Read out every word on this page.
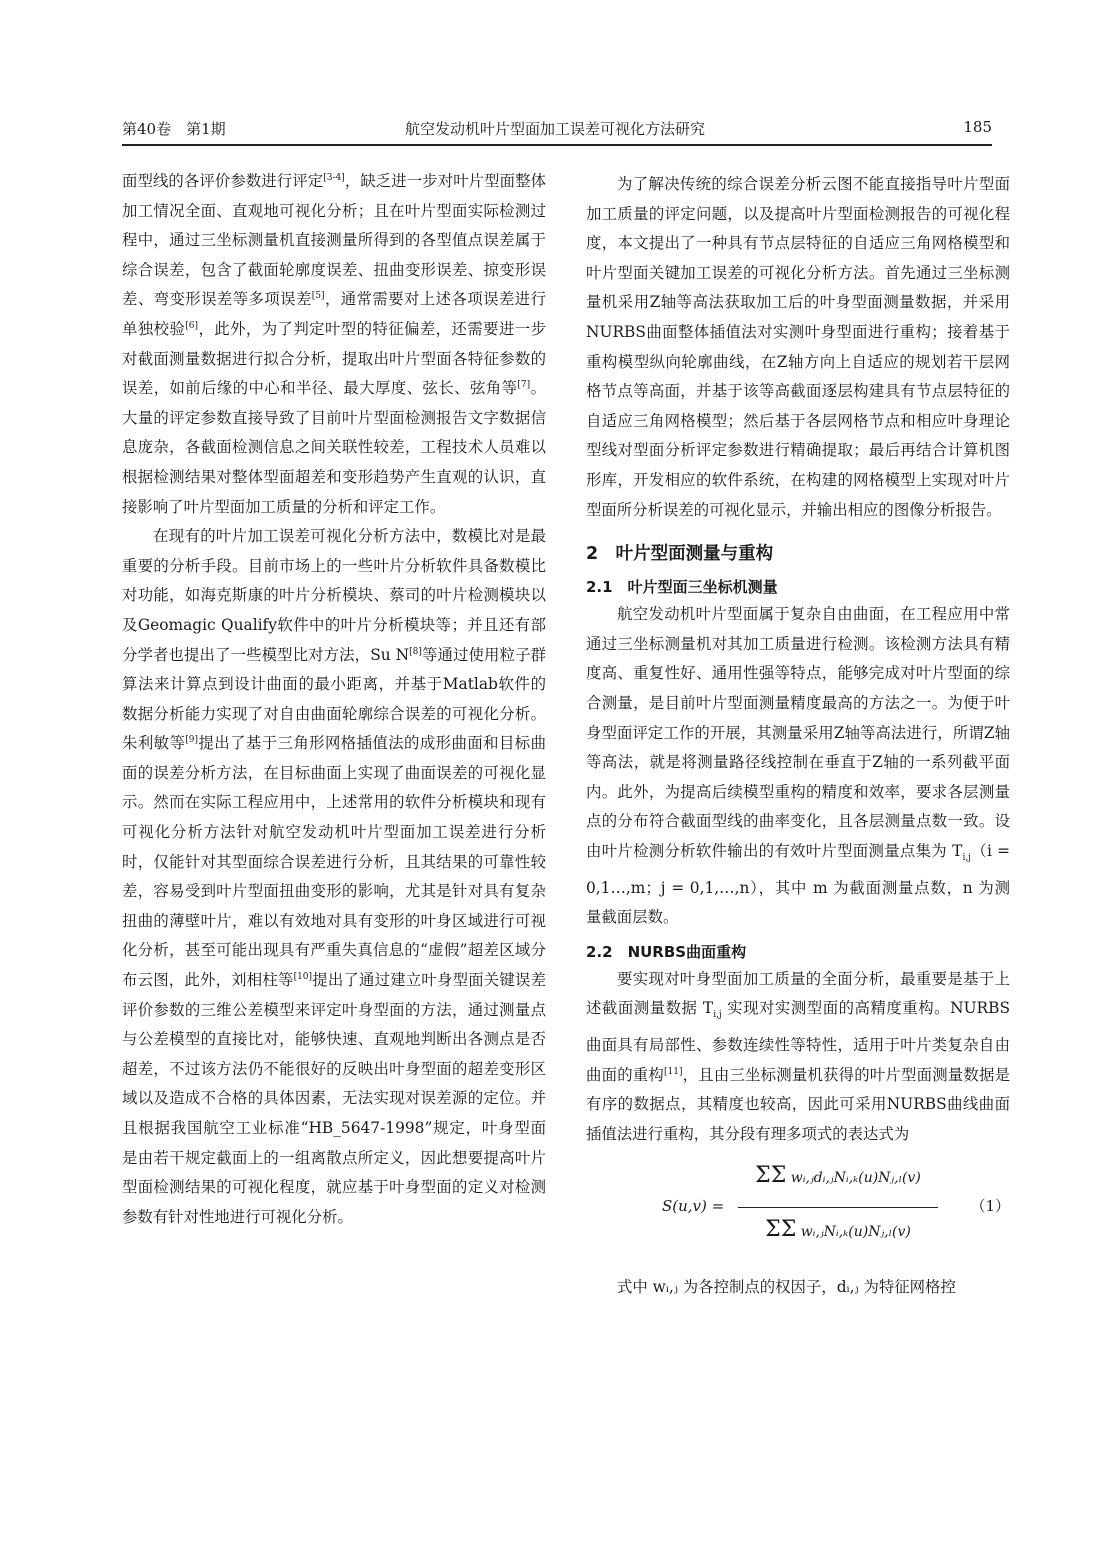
第40卷　第1期	航空发动机叶片型面加工误差可视化方法研究	185

面型线的各评价参数进行评定[3-4]，缺乏进一步对叶片型面整体加工情况全面、直观地可视化分析；且在叶片型面实际检测过程中，通过三坐标测量机直接测量所得到的各型值点误差属于综合误差，包含了截面轮廓度误差、扭曲变形误差、掠变形误差、弯变形误差等多项误差[5]，通常需要对上述各项误差进行单独校验[6]，此外，为了判定叶型的特征偏差，还需要进一步对截面测量数据进行拟合分析，提取出叶片型面各特征参数的误差，如前后缘的中心和半径、最大厚度、弦长、弦角等[7]。大量的评定参数直接导致了目前叶片型面检测报告文字数据信息庞杂，各截面检测信息之间关联性较差，工程技术人员难以根据检测结果对整体型面超差和变形趋势产生直观的认识，直接影响了叶片型面加工质量的分析和评定工作。

在现有的叶片加工误差可视化分析方法中，数模比对是最重要的分析手段。目前市场上的一些叶片分析软件具备数模比对功能，如海克斯康的叶片分析模块、蔡司的叶片检测模块以及Geomagic Qualify软件中的叶片分析模块等；并且还有部分学者也提出了一些模型比对方法，Su N[8]等通过使用粒子群算法来计算点到设计曲面的最小距离，并基于Matlab软件的数据分析能力实现了对自由曲面轮廓综合误差的可视化分析。朱利敏等[9]提出了基于三角形网格插值法的成形曲面和目标曲面的误差分析方法，在目标曲面上实现了曲面误差的可视化显示。然而在实际工程应用中，上述常用的软件分析模块和现有可视化分析方法针对航空发动机叶片型面加工误差进行分析时，仅能针对其型面综合误差进行分析，且其结果的可靠性较差，容易受到叶片型面扭曲变形的影响，尤其是针对具有复杂扭曲的薄壁叶片，难以有效地对具有变形的叶身区域进行可视化分析，甚至可能出现具有严重失真信息的“虚假”超差区域分布云图，此外，刘相柱等[10]提出了通过建立叶身型面关键误差评价参数的三维公差模型来评定叶身型面的方法，通过测量点与公差模型的直接比对，能够快速、直观地判断出各测点是否超差，不过该方法仍不能很好的反映出叶身型面的超差变形区域以及造成不合格的具体因素，无法实现对误差源的定位。并且根据我国航空工业标准“HB_5647-1998”规定，叶身型面是由若干规定截面上的一组离散点所定义，因此想要提高叶片型面检测结果的可视化程度，就应基于叶身型面的定义对检测参数有针对性地进行可视化分析。

为了解决传统的综合误差分析云图不能直接指导叶片型面加工质量的评定问题，以及提高叶片型面检测报告的可视化程度，本文提出了一种具有节点层特征的自适应三角网格模型和叶片型面关键加工误差的可视化分析方法。首先通过三坐标测量机采用Z轴等高法获取加工后的叶身型面测量数据，并采用NURBS曲面整体插值法对实测叶身型面进行重构；接着基于重构模型纵向轮廓曲线，在Z轴方向上自适应的规划若干层网格节点等高面，并基于该等高截面逐层构建具有节点层特征的自适应三角网格模型；然后基于各层网格节点和相应叶身理论型线对型面分析评定参数进行精确提取；最后再结合计算机图形库，开发相应的软件系统，在构建的网格模型上实现对叶片型面所分析误差的可视化显示，并输出相应的图像分析报告。

2　叶片型面测量与重构
2.1　叶片型面三坐标机测量

航空发动机叶片型面属于复杂自由曲面，在工程应用中常通过三坐标测量机对其加工质量进行检测。该检测方法具有精度高、重复性好、通用性强等特点，能够完成对叶片型面的综合测量，是目前叶片型面测量精度最高的方法之一。为便于叶身型面评定工作的开展，其测量采用Z轴等高法进行，所谓Z轴等高法，就是将测量路径线控制在垂直于Z轴的一系列截平面内。此外，为提高后续模型重构的精度和效率，要求各层测量点的分布符合截面型线的曲率变化，且各层测量点数一致。设由叶片检测分析软件输出的有效叶片型面测量点集为 $T_{i,j}(i$ = 0,1…,m；j = 0,1,…,n），其中 m 为截面测量点数，n 为测量截面层数。

2.2　NURBS曲面重构

要实现对叶身型面加工质量的全面分析，最重要是基于上述截面测量数据 $T_{i,j}$ 实现对实测型面的高精度重构。NURBS曲面具有局部性、参数连续性等特性，适用于叶片类复杂自由曲面的重构[11]，且由三坐标测量机获得的叶片型面测量数据是有序的数据点，其精度也较高，因此可采用NURBS曲线曲面插值法进行重构，其分段有理多项式的表达式为

S(u,v) =
ΣΣ wᵢ,ⱼdᵢ,ⱼNᵢ,ₖ(u)Nⱼ,ₗ(v)
ΣΣ wᵢ,ⱼNᵢ,ₖ(u)Nⱼ,ₗ(v)
（1）

式中 wᵢ,ⱼ 为各控制点的权因子，dᵢ,ⱼ 为特征网格控
